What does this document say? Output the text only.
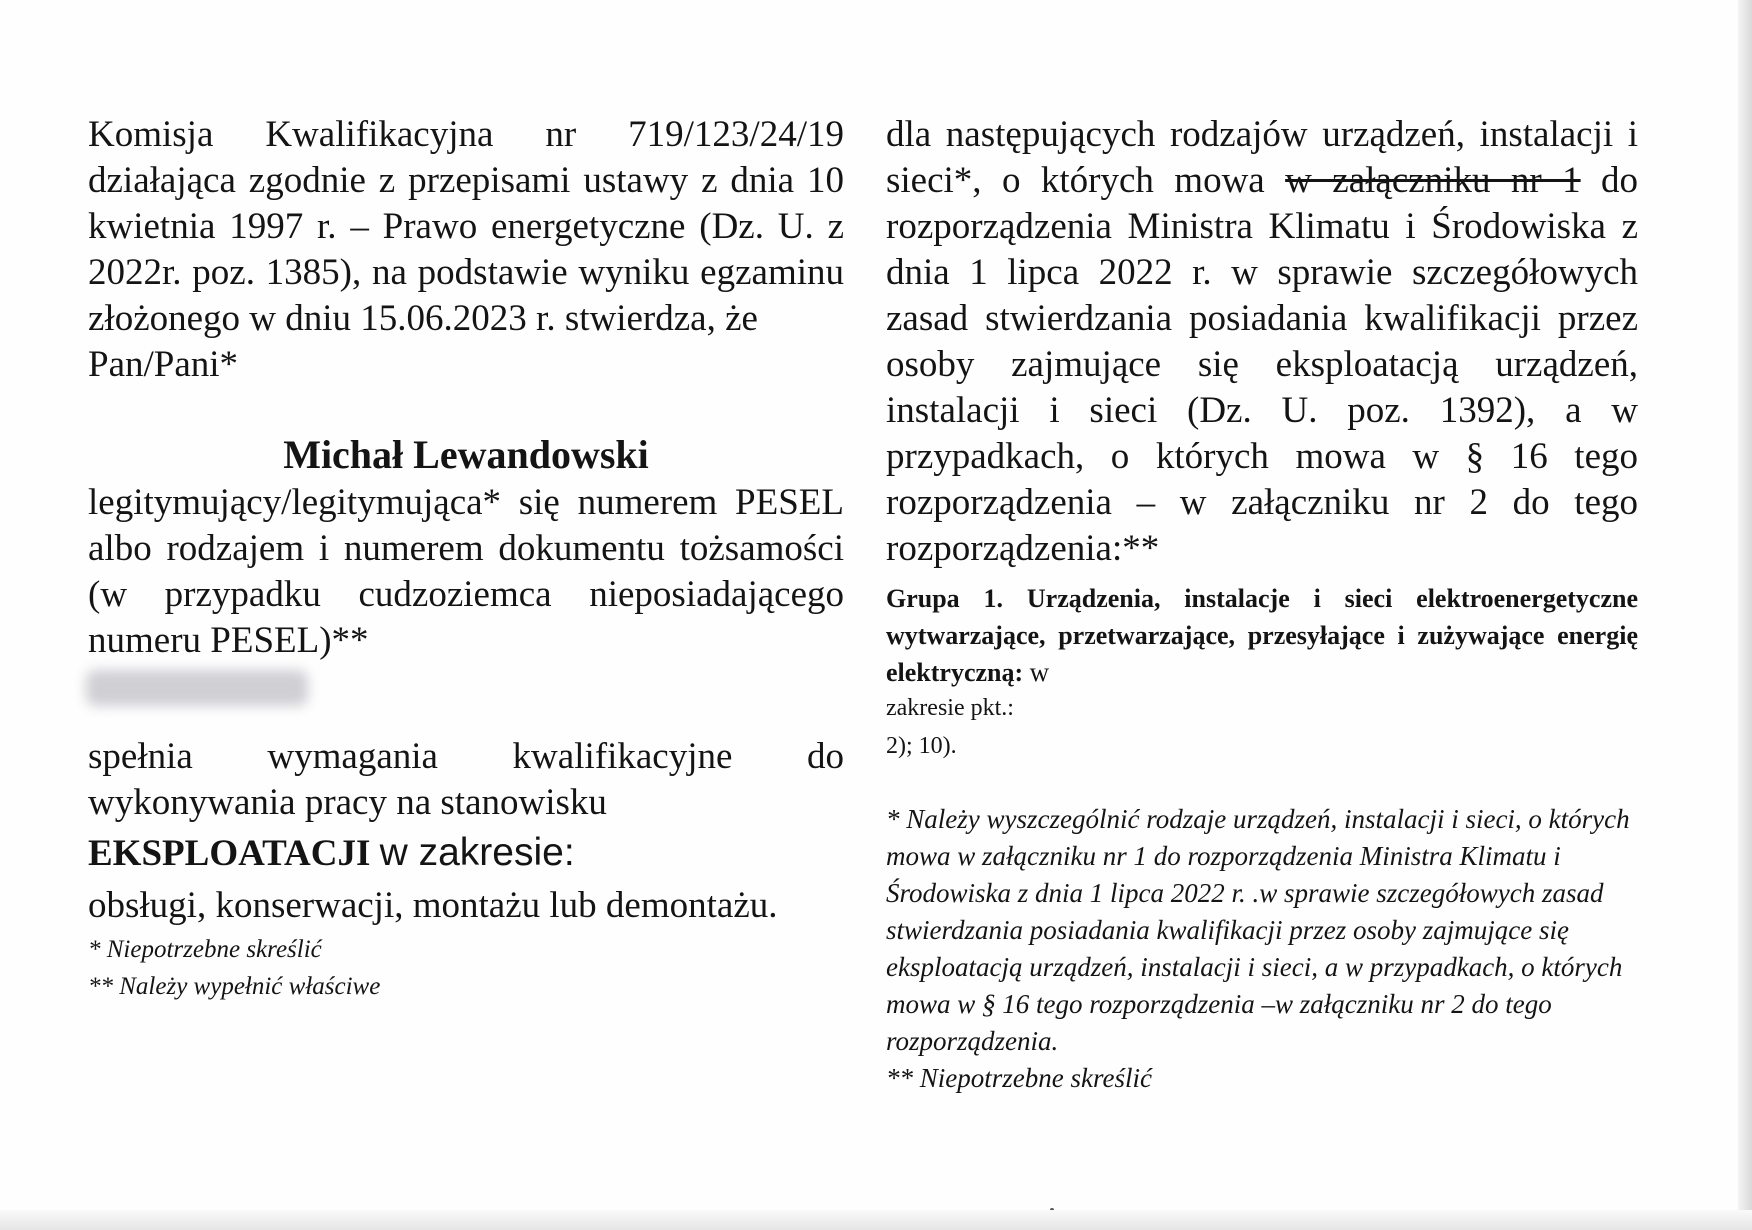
Komisja Kwalifikacyjna nr 719/123/24/19 działająca zgodnie z przepisami ustawy z dnia 10 kwietnia 1997 r. – Prawo energetyczne (Dz. U. z 2022r. poz. 1385), na podstawie wyniku egzaminu złożonego w dniu 15.06.2023 r. stwierdza, że

Pan/Pani*

Michał Lewandowski

legitymujący/legitymująca* się numerem PESEL albo rodzajem i numerem dokumentu tożsamości (w przypadku cudzoziemca nieposiadającego numeru PESEL)**

spełnia wymagania kwalifikacyjne do wykonywania pracy na stanowisku

EKSPLOATACJI w zakresie:

obsługi, konserwacji, montażu lub demontażu.

* Niepotrzebne skreślić

** Należy wypełnić właściwe

dla następujących rodzajów urządzeń, instalacji i sieci*, o których mowa w załączniku nr 1 do rozporządzenia Ministra Klimatu i Środowiska z dnia 1 lipca 2022 r. w sprawie szczegółowych zasad stwierdzania posiadania kwalifikacji przez osoby zajmujące się eksploatacją urządzeń, instalacji i sieci (Dz. U. poz. 1392), a w przypadkach, o których mowa w § 16 tego rozporządzenia – w załączniku nr 2 do tego rozporządzenia:**

Grupa 1. Urządzenia, instalacje i sieci elektroenergetyczne wytwarzające, przetwarzające, przesyłające i zużywające energię elektryczną: w

zakresie pkt.:

2); 10).

* Należy wyszczególnić rodzaje urządzeń, instalacji i sieci, o których mowa w załączniku nr 1 do rozporządzenia Ministra Klimatu i Środowiska z dnia 1 lipca 2022 r. .w sprawie szczegółowych zasad stwierdzania posiadania kwalifikacji przez osoby zajmujące się eksploatacją urządzeń, instalacji i sieci, a w przypadkach, o których mowa w § 16 tego rozporządzenia –w załączniku nr 2 do tego rozporządzenia.

** Niepotrzebne skreślić
